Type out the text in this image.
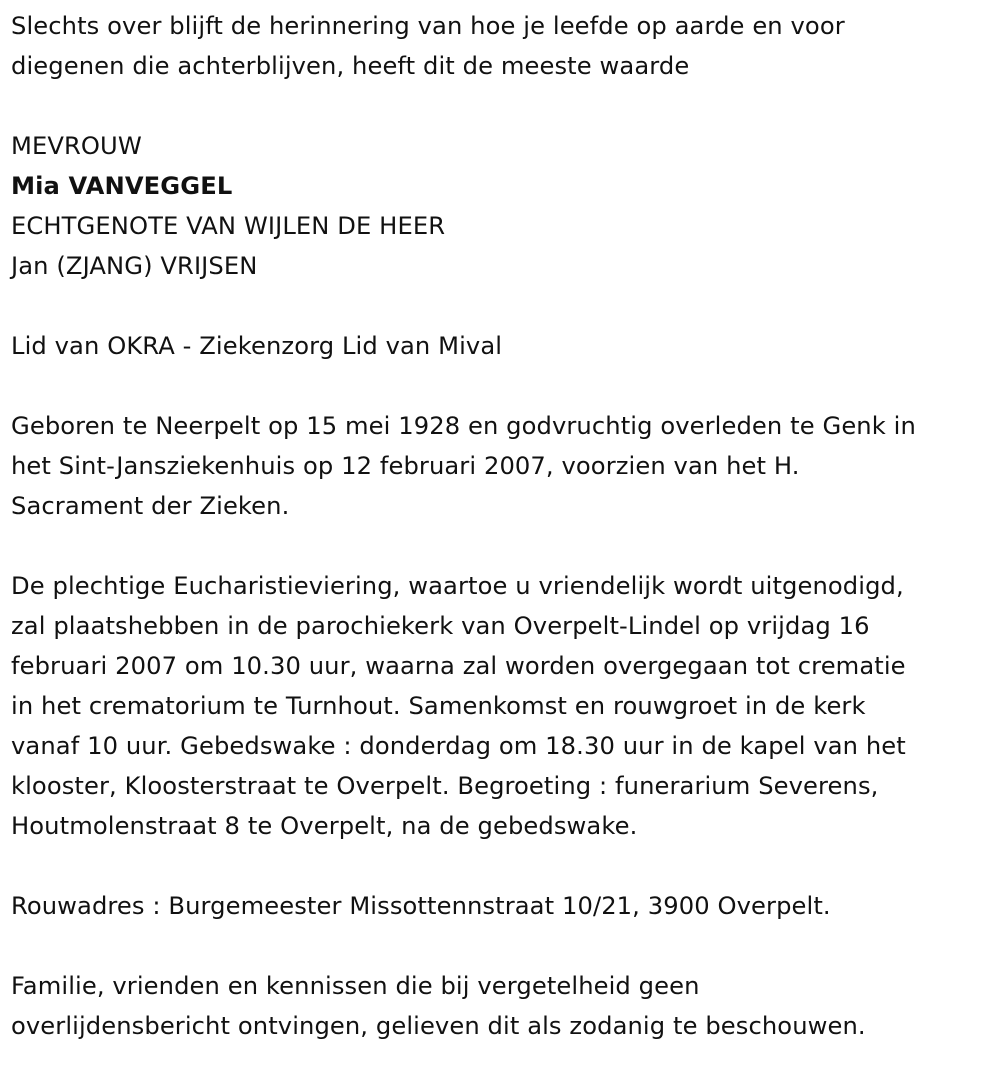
Slechts over blijft de herinnering van hoe je leefde op aarde en voor
diegenen die achterblijven, heeft dit de meeste waarde
MEVROUW
Mia VANVEGGEL
ECHTGENOTE VAN WIJLEN DE HEER
Jan (ZJANG) VRIJSEN
Lid van OKRA - Ziekenzorg Lid van Mival
Geboren te Neerpelt op 15 mei 1928 en godvruchtig overleden te Genk in
het Sint-Jansziekenhuis op 12 februari 2007, voorzien van het H.
Sacrament der Zieken.
De plechtige Eucharistieviering, waartoe u vriendelijk wordt uitgenodigd,
zal plaatshebben in de parochiekerk van Overpelt-Lindel op vrijdag 16
februari 2007 om 10.30 uur, waarna zal worden overgegaan tot crematie
in het crematorium te Turnhout. Samenkomst en rouwgroet in de kerk
vanaf 10 uur. Gebedswake : donderdag om 18.30 uur in de kapel van het
klooster, Kloosterstraat te Overpelt. Begroeting : funerarium Severens,
Houtmolenstraat 8 te Overpelt, na de gebedswake.
Rouwadres : Burgemeester Missottennstraat 10/21, 3900 Overpelt.
Familie, vrienden en kennissen die bij vergetelheid geen
overlijdensbericht ontvingen, gelieven dit als zodanig te beschouwen.
